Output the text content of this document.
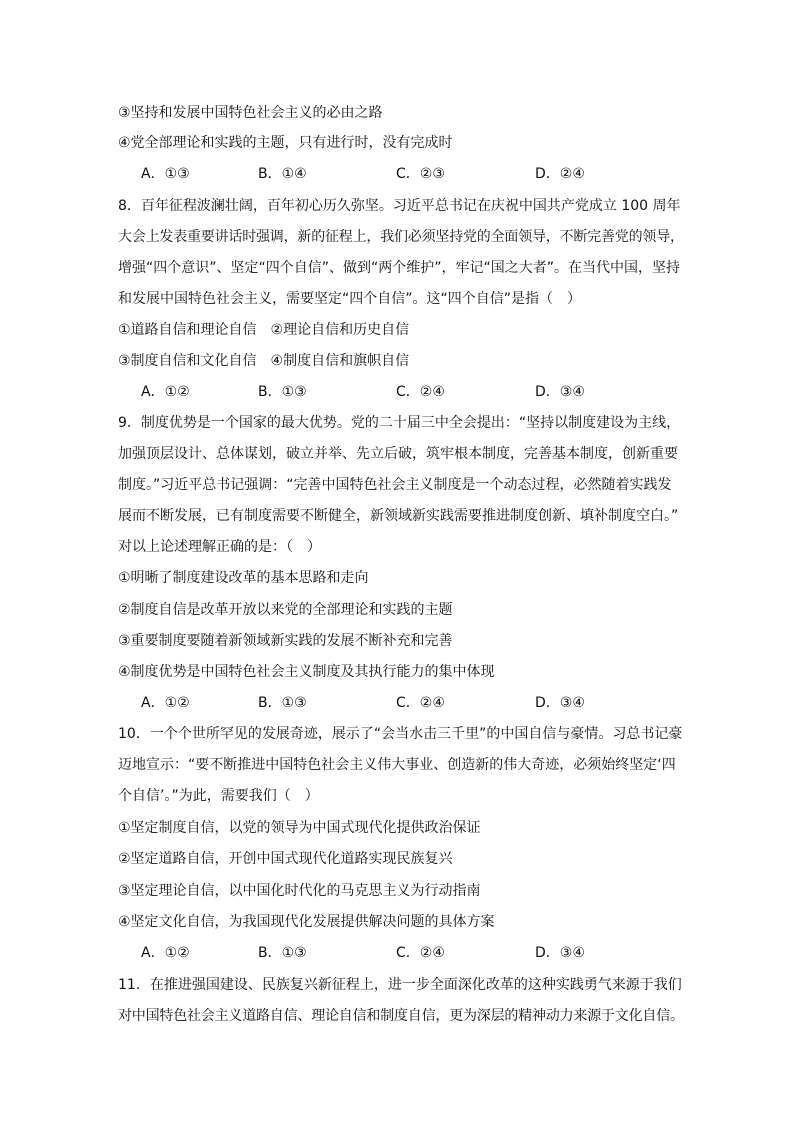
③坚持和发展中国特色社会主义的必由之路
④党全部理论和实践的主题，只有进行时，没有完成时
A．①③	B．①④	C．②③	D．②④
8．百年征程波澜壮阔，百年初心历久弥坚。习近平总书记在庆祝中国共产党成立 100 周年
大会上发表重要讲话时强调，新的征程上，我们必须坚持党的全面领导，不断完善党的领导，
增强“四个意识”、坚定“四个自信”、做到“两个维护”，牢记“国之大者”。在当代中国，坚持
和发展中国特色社会主义，需要坚定“四个自信”。这“四个自信”是指（　）
①道路自信和理论自信　②理论自信和历史自信
③制度自信和文化自信　④制度自信和旗帜自信
A．①②	B．①③	C．②④	D．③④
9．制度优势是一个国家的最大优势。党的二十届三中全会提出：“坚持以制度建设为主线，
加强顶层设计、总体谋划，破立并举、先立后破，筑牢根本制度，完善基本制度，创新重要
制度。”习近平总书记强调：“完善中国特色社会主义制度是一个动态过程，必然随着实践发
展而不断发展，已有制度需要不断健全，新领域新实践需要推进制度创新、填补制度空白。”
对以上论述理解正确的是：（　）
①明晰了制度建设改革的基本思路和走向
②制度自信是改革开放以来党的全部理论和实践的主题
③重要制度要随着新领域新实践的发展不断补充和完善
④制度优势是中国特色社会主义制度及其执行能力的集中体现
A．①②	B．①③	C．②④	D．③④
10．一个个世所罕见的发展奇迹，展示了“会当水击三千里”的中国自信与豪情。习总书记豪
迈地宣示：“要不断推进中国特色社会主义伟大事业、创造新的伟大奇迹，必须始终坚定‘四
个自信’。”为此，需要我们（　）
①坚定制度自信，以党的领导为中国式现代化提供政治保证
②坚定道路自信，开创中国式现代化道路实现民族复兴
③坚定理论自信，以中国化时代化的马克思主义为行动指南
④坚定文化自信，为我国现代化发展提供解决问题的具体方案
A．①②	B．①③	C．②④	D．③④
11．在推进强国建设、民族复兴新征程上，进一步全面深化改革的这种实践勇气来源于我们
对中国特色社会主义道路自信、理论自信和制度自信，更为深层的精神动力来源于文化自信。
